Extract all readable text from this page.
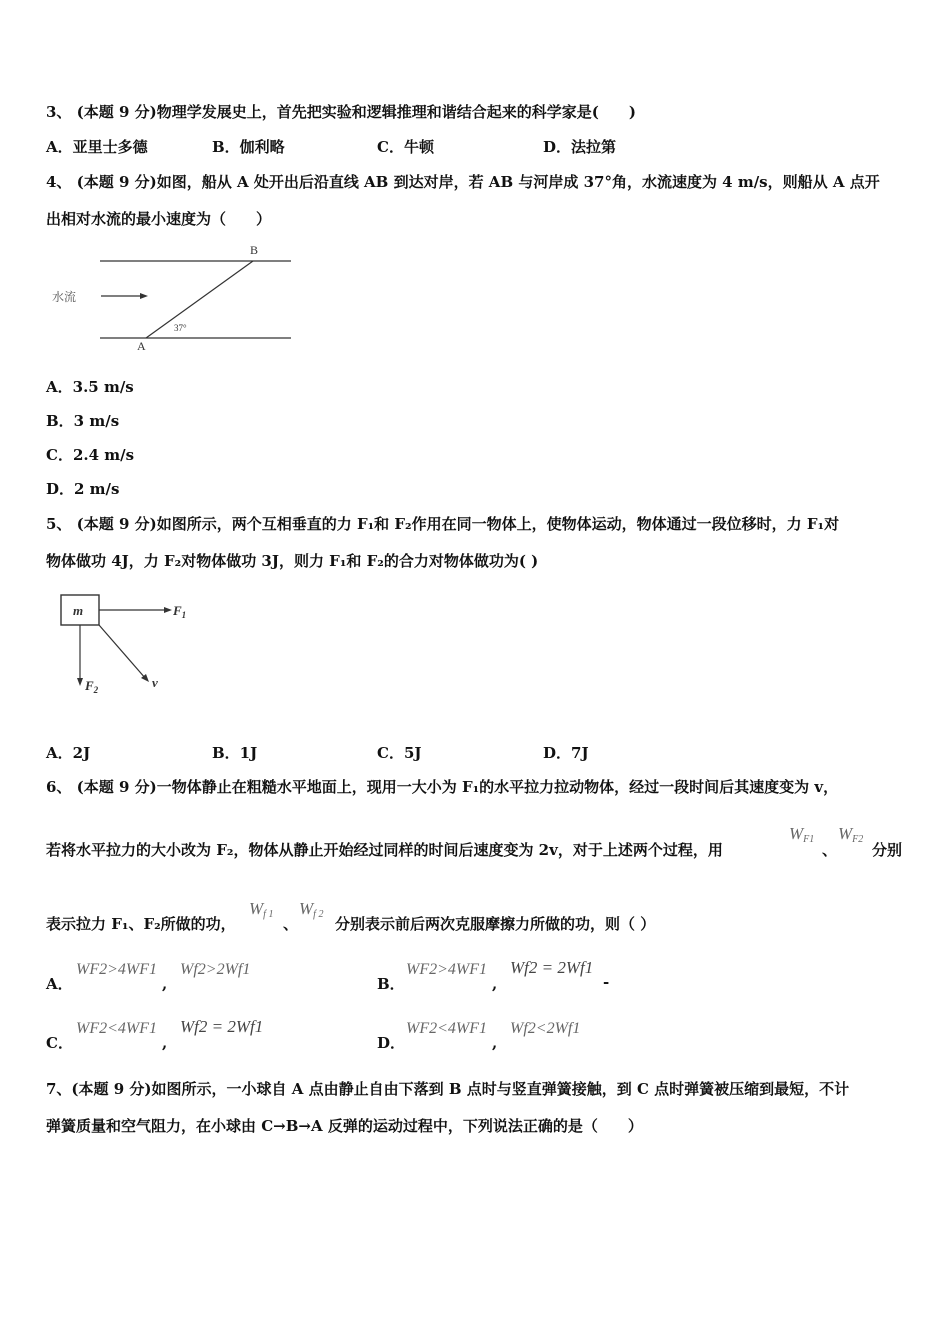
3、 (本题 9 分)物理学发展史上，首先把实验和逻辑推理和谐结合起来的科学家是(　　)
A．亚里士多德	B．伽利略	C．牛顿	D．法拉第
4、 (本题 9 分)如图，船从 A 处开出后沿直线 AB 到达对岸，若 AB 与河岸成 37°角，水流速度为 4 m/s，则船从 A 点开
出相对水流的最小速度为（　　）
B
A
水流
37°
A．3.5 m/s
B．3 m/s
C．2.4 m/s
D．2 m/s
5、 (本题 9 分)如图所示，两个互相垂直的力 F₁和 F₂作用在同一物体上，使物体运动，物体通过一段位移时，力 F₁对
物体做功 4J，力 F₂对物体做功 3J，则力 F₁和 F₂的合力对物体做功为( )
m	$F_1$
$F_2$	v
A．2J	B．1J	C．5J	D．7J
6、 (本题 9 分)一物体静止在粗糙水平地面上，现用一大小为 F₁的水平拉力拉动物体，经过一段时间后其速度变为 v，
若将水平拉力的大小改为 F₂，物体从静止开始经过同样的时间后速度变为 2v，对于上述两个过程，用
WF1
、
WF2
分别
表示拉力 F₁、F₂所做的功，
Wf 1
、
Wf 2
分别表示前后两次克服摩擦力所做的功，则（ ）
A．
WF2>4WF1
,
Wf2>2Wf1
B．
WF2>4WF1
,
Wf2 = 2Wf1
-
C．
WF2<4WF1
,
Wf2 = 2Wf1
D．
WF2<4WF1
,
Wf2<2Wf1
7、(本题 9 分)如图所示，一小球自 A 点由静止自由下落到 B 点时与竖直弹簧接触，到 C 点时弹簧被压缩到最短，不计
弹簧质量和空气阻力，在小球由 C→B→A 反弹的运动过程中，下列说法正确的是（　　）
